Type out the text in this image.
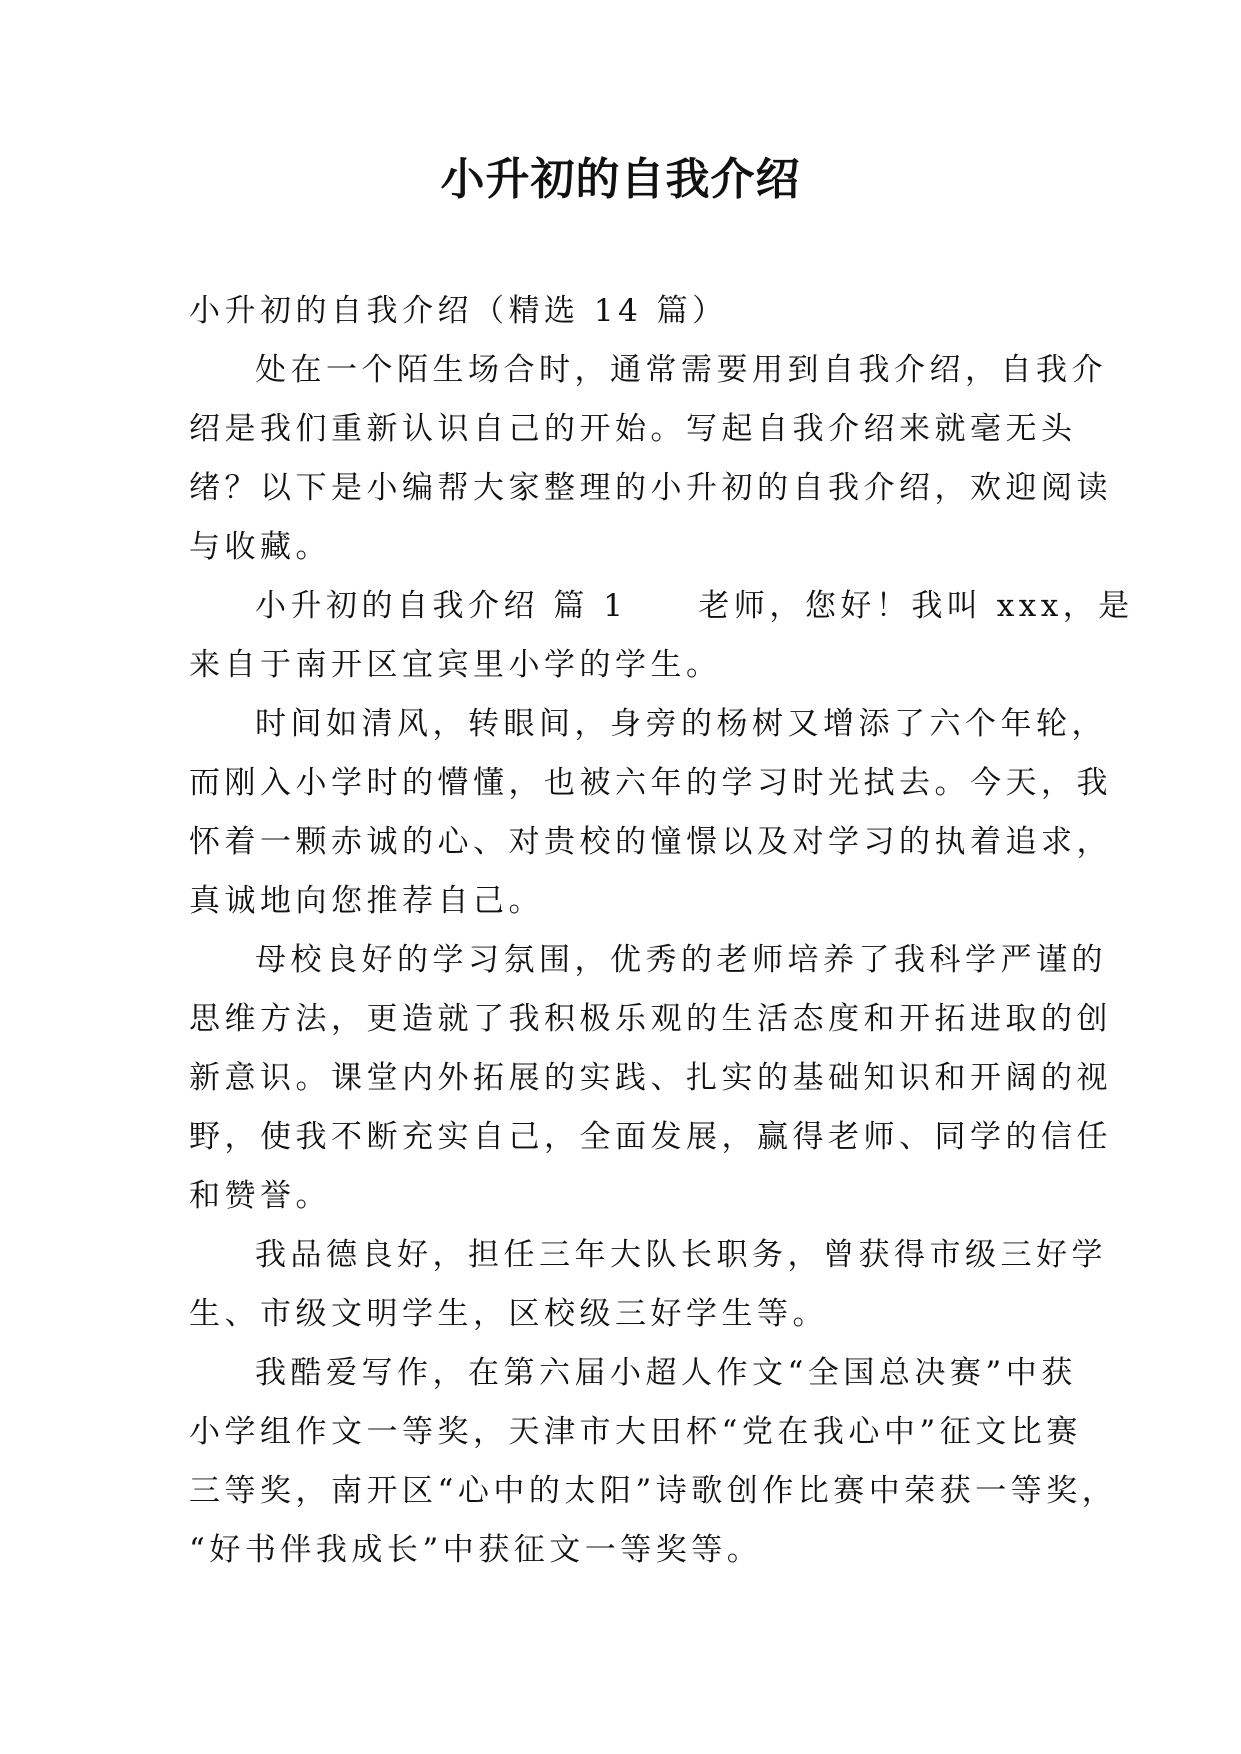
小升初的自我介绍
小升初的自我介绍（精选 14 篇）
处在一个陌生场合时，通常需要用到自我介绍，自我介
绍是我们重新认识自己的开始。写起自我介绍来就毫无头
绪？以下是小编帮大家整理的小升初的自我介绍，欢迎阅读
与收藏。
小升初的自我介绍 篇 1　　老师，您好！我叫 xxx，是
来自于南开区宜宾里小学的学生。
时间如清风，转眼间，身旁的杨树又增添了六个年轮，
而刚入小学时的懵懂，也被六年的学习时光拭去。今天，我
怀着一颗赤诚的心、对贵校的憧憬以及对学习的执着追求，
真诚地向您推荐自己。
母校良好的学习氛围，优秀的老师培养了我科学严谨的
思维方法，更造就了我积极乐观的生活态度和开拓进取的创
新意识。课堂内外拓展的实践、扎实的基础知识和开阔的视
野，使我不断充实自己，全面发展，赢得老师、同学的信任
和赞誉。
我品德良好，担任三年大队长职务，曾获得市级三好学
生、市级文明学生，区校级三好学生等。
我酷爱写作，在第六届小超人作文“全国总决赛”中获
小学组作文一等奖，天津市大田杯“党在我心中”征文比赛
三等奖，南开区“心中的太阳”诗歌创作比赛中荣获一等奖，
“好书伴我成长”中获征文一等奖等。
